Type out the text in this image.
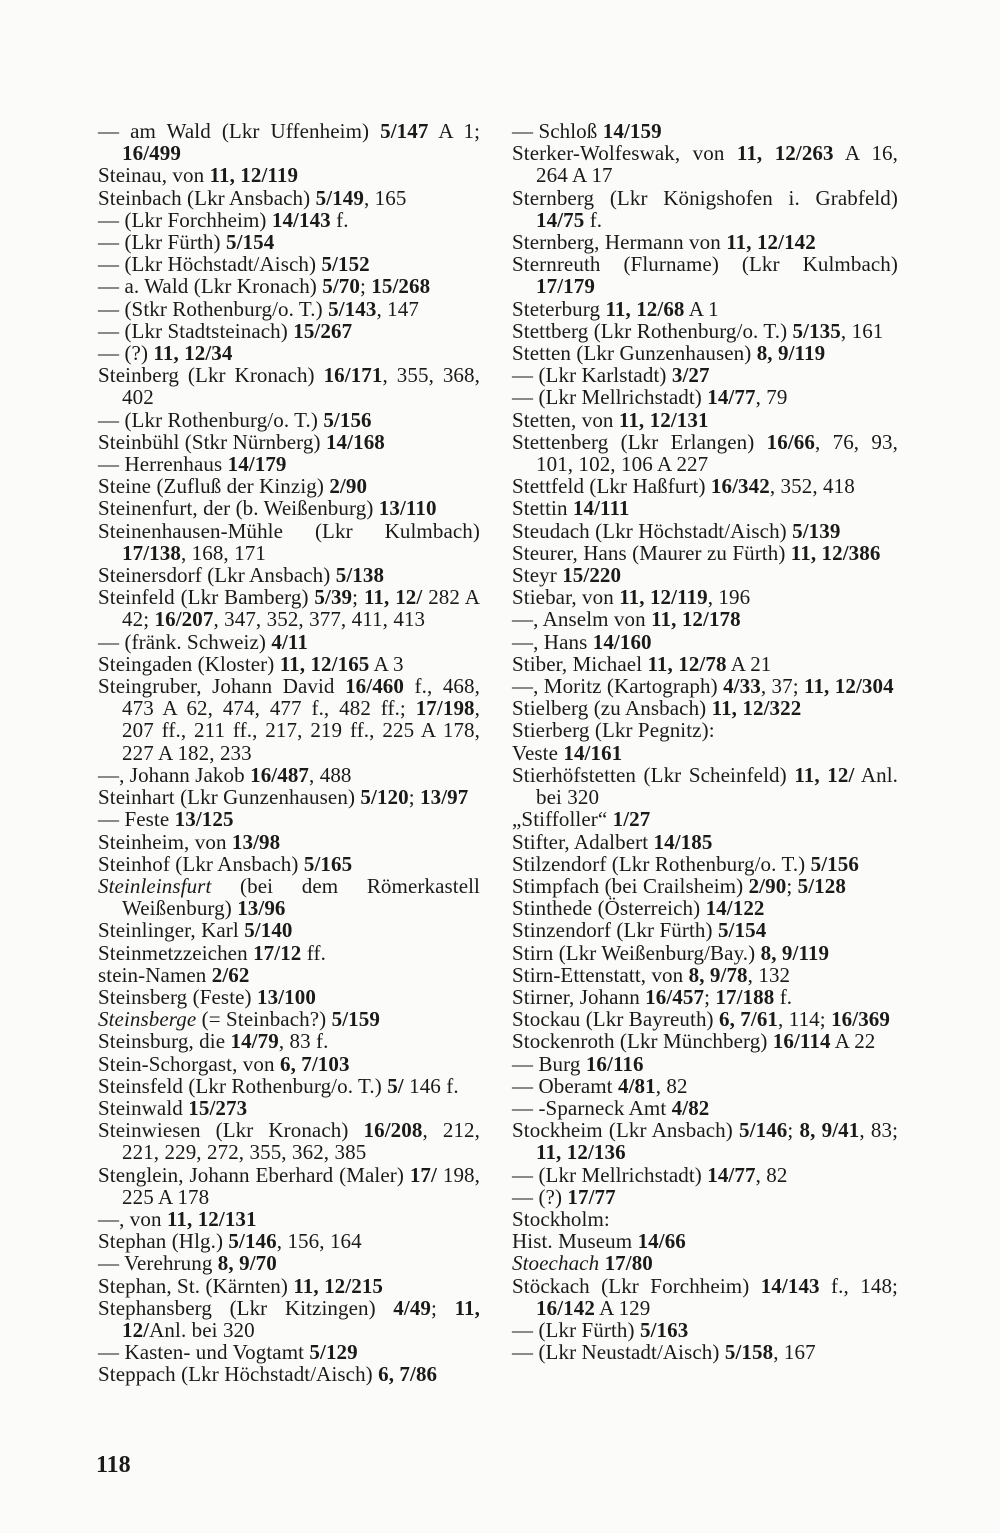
— am Wald (Lkr Uffenheim) 5/147 A 1; 16/499
Steinau, von 11, 12/119
Steinbach (Lkr Ansbach) 5/149, 165
— (Lkr Forchheim) 14/143 f.
— (Lkr Fürth) 5/154
— (Lkr Höchstadt/Aisch) 5/152
— a. Wald (Lkr Kronach) 5/70; 15/268
— (Stkr Rothenburg/o. T.) 5/143, 147
— (Lkr Stadtsteinach) 15/267
— (?) 11, 12/34
Steinberg (Lkr Kronach) 16/171, 355, 368, 402
— (Lkr Rothenburg/o. T.) 5/156
Steinbühl (Stkr Nürnberg) 14/168
— Herrenhaus 14/179
Steine (Zufluß der Kinzig) 2/90
Steinenfurt, der (b. Weißenburg) 13/110
Steinenhausen-Mühle (Lkr Kulmbach) 17/138, 168, 171
Steinersdorf (Lkr Ansbach) 5/138
Steinfeld (Lkr Bamberg) 5/39; 11, 12/ 282 A 42; 16/207, 347, 352, 377, 411, 413
— (fränk. Schweiz) 4/11
Steingaden (Kloster) 11, 12/165 A 3
Steingruber, Johann David 16/460 f., 468, 473 A 62, 474, 477 f., 482 ff.; 17/198, 207 ff., 211 ff., 217, 219 ff., 225 A 178, 227 A 182, 233
—, Johann Jakob 16/487, 488
Steinhart (Lkr Gunzenhausen) 5/120; 13/97
— Feste 13/125
Steinheim, von 13/98
Steinhof (Lkr Ansbach) 5/165
Steinleinsfurt (bei dem Römerkastell Weißenburg) 13/96
Steinlinger, Karl 5/140
Steinmetzzeichen 17/12 ff.
stein-Namen 2/62
Steinsberg (Feste) 13/100
Steinsberge (= Steinbach?) 5/159
Steinsburg, die 14/79, 83 f.
Stein-Schorgast, von 6, 7/103
Steinsfeld (Lkr Rothenburg/o. T.) 5/ 146 f.
Steinwald 15/273
Steinwiesen (Lkr Kronach) 16/208, 212, 221, 229, 272, 355, 362, 385
Stenglein, Johann Eberhard (Maler) 17/ 198, 225 A 178
—, von 11, 12/131
Stephan (Hlg.) 5/146, 156, 164
— Verehrung 8, 9/70
Stephan, St. (Kärnten) 11, 12/215
Stephansberg (Lkr Kitzingen) 4/49; 11, 12/Anl. bei 320
— Kasten- und Vogtamt 5/129
Steppach (Lkr Höchstadt/Aisch) 6, 7/86
— Schloß 14/159
Sterker-Wolfeswak, von 11, 12/263 A 16, 264 A 17
Sternberg (Lkr Königshofen i. Grabfeld) 14/75 f.
Sternberg, Hermann von 11, 12/142
Sternreuth (Flurname) (Lkr Kulmbach) 17/179
Steterburg 11, 12/68 A 1
Stettberg (Lkr Rothenburg/o. T.) 5/135, 161
Stetten (Lkr Gunzenhausen) 8, 9/119
— (Lkr Karlstadt) 3/27
— (Lkr Mellrichstadt) 14/77, 79
Stetten, von 11, 12/131
Stettenberg (Lkr Erlangen) 16/66, 76, 93, 101, 102, 106 A 227
Stettfeld (Lkr Haßfurt) 16/342, 352, 418
Stettin 14/111
Steudach (Lkr Höchstadt/Aisch) 5/139
Steurer, Hans (Maurer zu Fürth) 11, 12/386
Steyr 15/220
Stiebar, von 11, 12/119, 196
—, Anselm von 11, 12/178
—, Hans 14/160
Stiber, Michael 11, 12/78 A 21
—, Moritz (Kartograph) 4/33, 37; 11, 12/304
Stielberg (zu Ansbach) 11, 12/322
Stierberg (Lkr Pegnitz):
Veste 14/161
Stierhöfstetten (Lkr Scheinfeld) 11, 12/ Anl. bei 320
„Stiffoller“ 1/27
Stifter, Adalbert 14/185
Stilzendorf (Lkr Rothenburg/o. T.) 5/156
Stimpfach (bei Crailsheim) 2/90; 5/128
Stinthede (Österreich) 14/122
Stinzendorf (Lkr Fürth) 5/154
Stirn (Lkr Weißenburg/Bay.) 8, 9/119
Stirn-Ettenstatt, von 8, 9/78, 132
Stirner, Johann 16/457; 17/188 f.
Stockau (Lkr Bayreuth) 6, 7/61, 114; 16/369
Stockenroth (Lkr Münchberg) 16/114 A 22
— Burg 16/116
— Oberamt 4/81, 82
— -Sparneck Amt 4/82
Stockheim (Lkr Ansbach) 5/146; 8, 9/41, 83; 11, 12/136
— (Lkr Mellrichstadt) 14/77, 82
— (?) 17/77
Stockholm:
Hist. Museum 14/66
Stoechach 17/80
Stöckach (Lkr Forchheim) 14/143 f., 148; 16/142 A 129
— (Lkr Fürth) 5/163
— (Lkr Neustadt/Aisch) 5/158, 167
118
